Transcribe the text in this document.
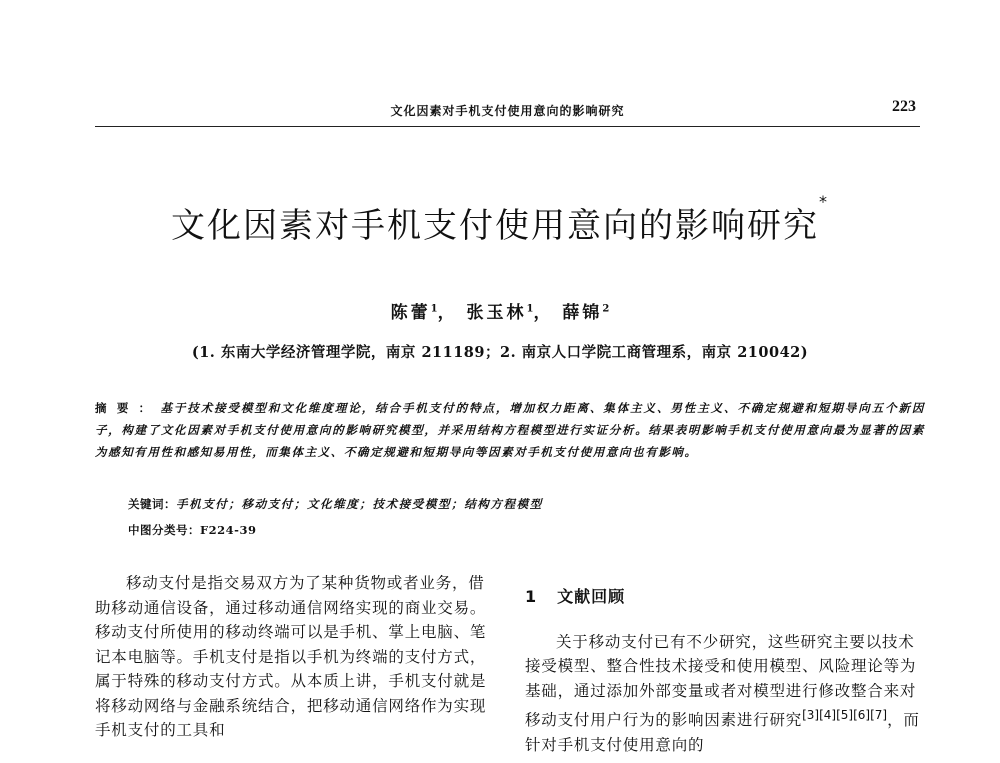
文化因素对手机支付使用意向的影响研究	223
文化因素对手机支付使用意向的影响研究*
陈蕾$^1$， 张玉林$^1$， 薛锦$^2$
(1. 东南大学经济管理学院，南京 211189；2. 南京人口学院工商管理系，南京 210042)
摘要：基于技术接受模型和文化维度理论，结合手机支付的特点，增加权力距离、集体主义、男性主义、不确定规避和短期导向五个新因子，构建了文化因素对手机支付使用意向的影响研究模型，并采用结构方程模型进行实证分析。结果表明影响手机支付使用意向最为显著的因素为感知有用性和感知易用性，而集体主义、不确定规避和短期导向等因素对手机支付使用意向也有影响。
关键词：手机支付；移动支付；文化维度；技术接受模型；结构方程模型
中图分类号：F224-39

移动支付是指交易双方为了某种货物或者业务，借助移动通信设备，通过移动通信网络实现的商业交易。移动支付所使用的移动终端可以是手机、掌上电脑、笔记本电脑等。手机支付是指以手机为终端的支付方式，属于特殊的移动支付方式。从本质上讲，手机支付就是将移动网络与金融系统结合，把移动通信网络作为实现手机支付的工具和

1 文献回顾

关于移动支付已有不少研究，这些研究主要以技术接受模型、整合性技术接受和使用模型、风险理论等为基础，通过添加外部变量或者对模型进行修改整合来对移动支付用户行为的影响因素进行研究[3][4][5][6][7]，而针对手机支付使用意向的
